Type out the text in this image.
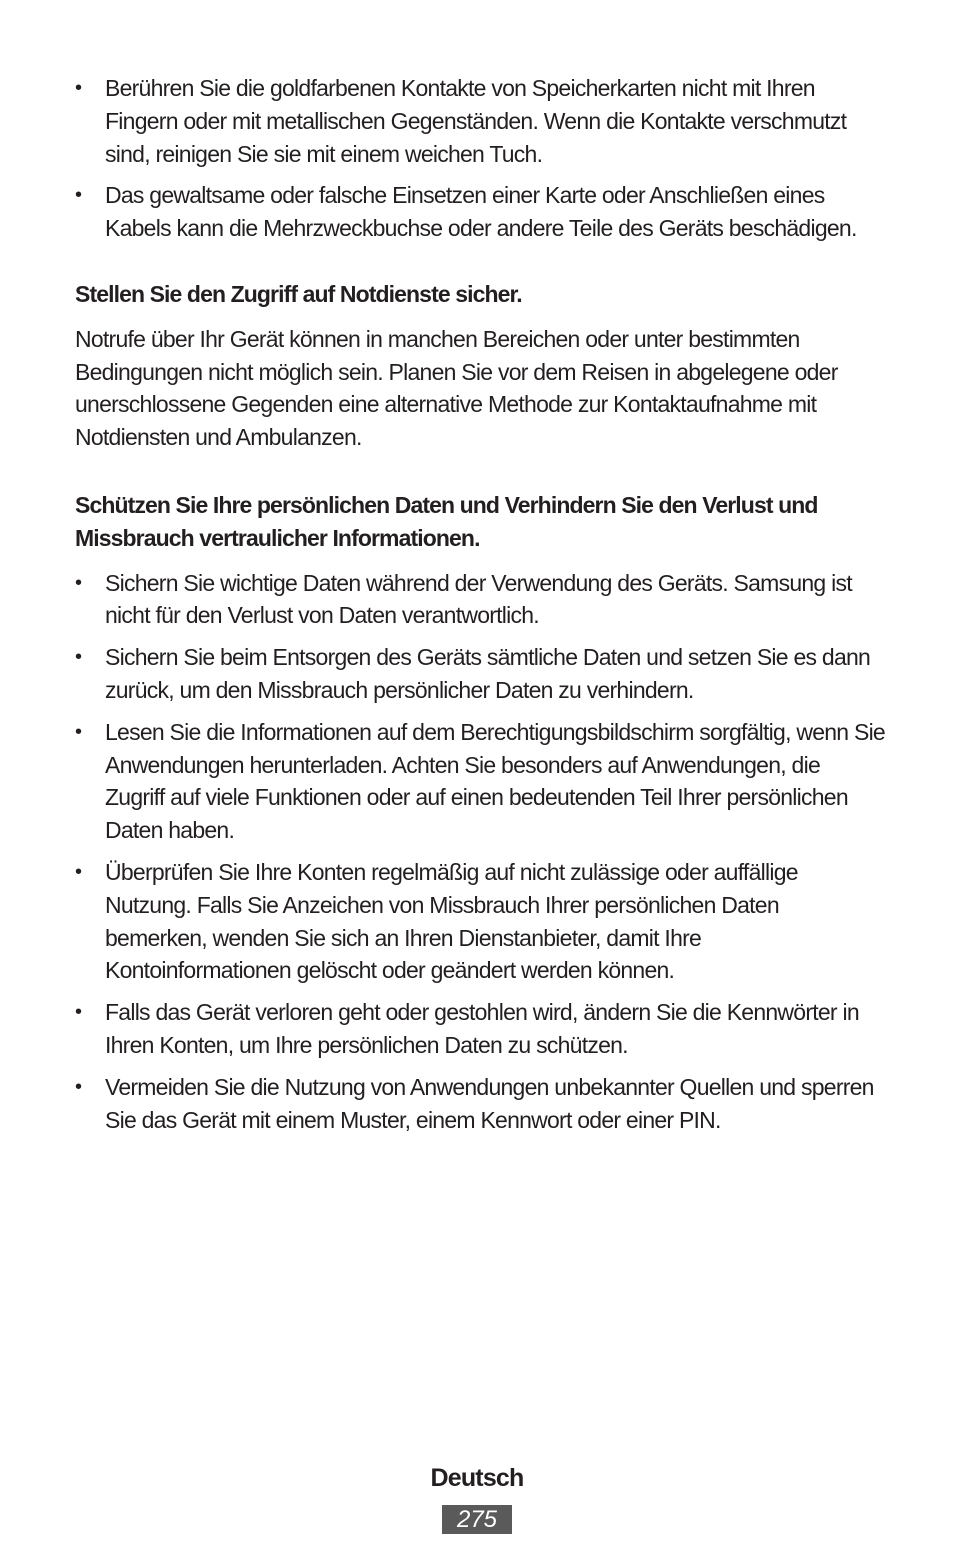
•	Berühren Sie die goldfarbenen Kontakte von Speicherkarten nicht mit Ihren Fingern oder mit metallischen Gegenständen. Wenn die Kontakte verschmutzt sind, reinigen Sie sie mit einem weichen Tuch.
•	Das gewaltsame oder falsche Einsetzen einer Karte oder Anschließen eines Kabels kann die Mehrzweckbuchse oder andere Teile des Geräts beschädigen.
Stellen Sie den Zugriff auf Notdienste sicher.

Notrufe über Ihr Gerät können in manchen Bereichen oder unter bestimmten Bedingungen nicht möglich sein. Planen Sie vor dem Reisen in abgelegene oder unerschlossene Gegenden eine alternative Methode zur Kontaktaufnahme mit Notdiensten und Ambulanzen.

Schützen Sie Ihre persönlichen Daten und Verhindern Sie den Verlust und Missbrauch vertraulicher Informationen.
•	Sichern Sie wichtige Daten während der Verwendung des Geräts. Samsung ist nicht für den Verlust von Daten verantwortlich.
•	Sichern Sie beim Entsorgen des Geräts sämtliche Daten und setzen Sie es dann zurück, um den Missbrauch persönlicher Daten zu verhindern.
•	Lesen Sie die Informationen auf dem Berechtigungsbildschirm sorgfältig, wenn Sie Anwendungen herunterladen. Achten Sie besonders auf Anwendungen, die Zugriff auf viele Funktionen oder auf einen bedeutenden Teil Ihrer persönlichen Daten haben.
•	Überprüfen Sie Ihre Konten regelmäßig auf nicht zulässige oder auffällige Nutzung. Falls Sie Anzeichen von Missbrauch Ihrer persönlichen Daten bemerken, wenden Sie sich an Ihren Dienstanbieter, damit Ihre Kontoinformationen gelöscht oder geändert werden können.
•	Falls das Gerät verloren geht oder gestohlen wird, ändern Sie die Kennwörter in Ihren Konten, um Ihre persönlichen Daten zu schützen.
•	Vermeiden Sie die Nutzung von Anwendungen unbekannter Quellen und sperren Sie das Gerät mit einem Muster, einem Kennwort oder einer PIN.
Deutsch
275
